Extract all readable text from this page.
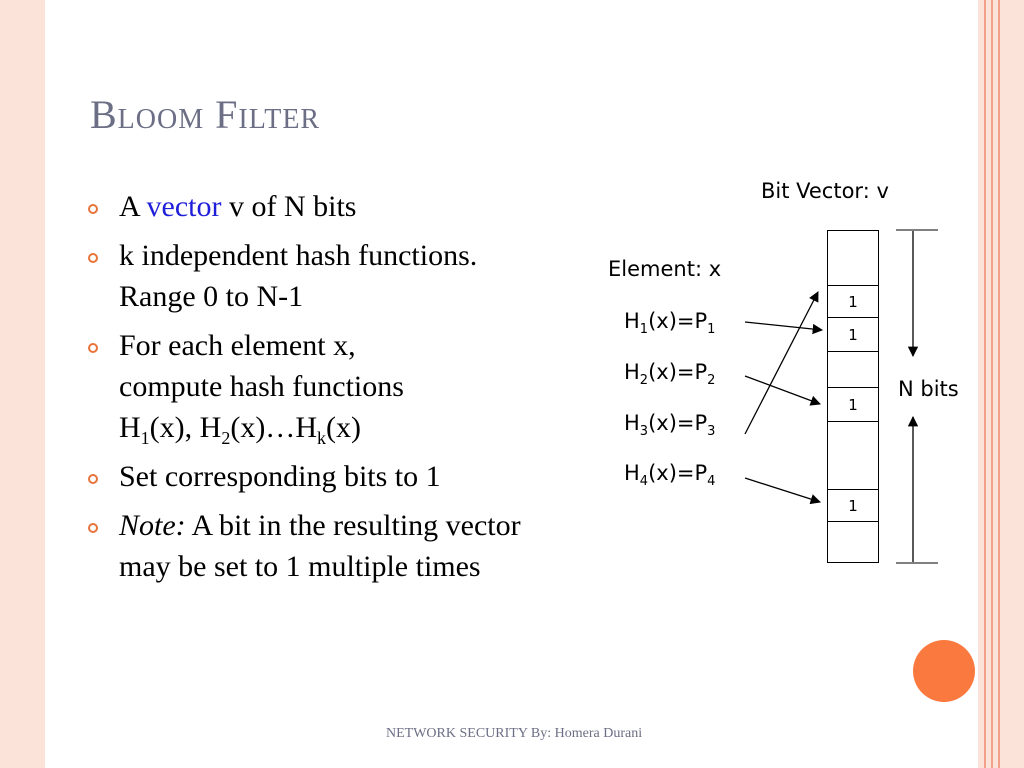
Bloom Filter
A vector v of N bits
k independent hash functions. Range 0 to N-1
For each element x,
compute hash functions
$H_1(x)$, $H_2(x)\dots H_k(x)$
Set corresponding bits to 1
Note: A bit in the resulting vector may be set to 1 multiple times
Bit Vector: v
Element: x
$H_1(x)=P_1$
$H_2(x)=P_2$
$H_3(x)=P_3$
$H_4(x)=P_4$
1
1
1
1
N bits
NETWORK SECURITY By: Homera Durani
